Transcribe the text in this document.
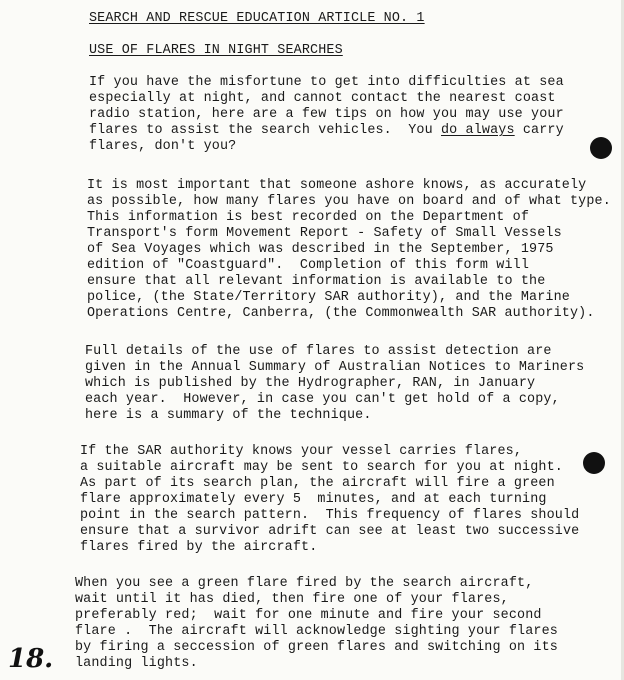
SEARCH AND RESCUE EDUCATION ARTICLE NO. 1
USE OF FLARES IN NIGHT SEARCHES
If you have the misfortune to get into difficulties at sea
especially at night, and cannot contact the nearest coast
radio station, here are a few tips on how you may use your
flares to assist the search vehicles.  You do always carry
flares, don't you?
It is most important that someone ashore knows, as accurately
as possible, how many flares you have on board and of what type.
This information is best recorded on the Department of
Transport's form Movement Report - Safety of Small Vessels
of Sea Voyages which was described in the September, 1975
edition of "Coastguard".  Completion of this form will
ensure that all relevant information is available to the
police, (the State/Territory SAR authority), and the Marine
Operations Centre, Canberra, (the Commonwealth SAR authority).
Full details of the use of flares to assist detection are
given in the Annual Summary of Australian Notices to Mariners
which is published by the Hydrographer, RAN, in January
each year.  However, in case you can't get hold of a copy,
here is a summary of the technique.
If the SAR authority knows your vessel carries flares,
a suitable aircraft may be sent to search for you at night.
As part of its search plan, the aircraft will fire a green
flare approximately every 5  minutes, and at each turning
point in the search pattern.  This frequency of flares should
ensure that a survivor adrift can see at least two successive
flares fired by the aircraft.
When you see a green flare fired by the search aircraft,
wait until it has died, then fire one of your flares,
preferably red;  wait for one minute and fire your second
flare .  The aircraft will acknowledge sighting your flares
by firing a seccession of green flares and switching on its
landing lights.
18.
